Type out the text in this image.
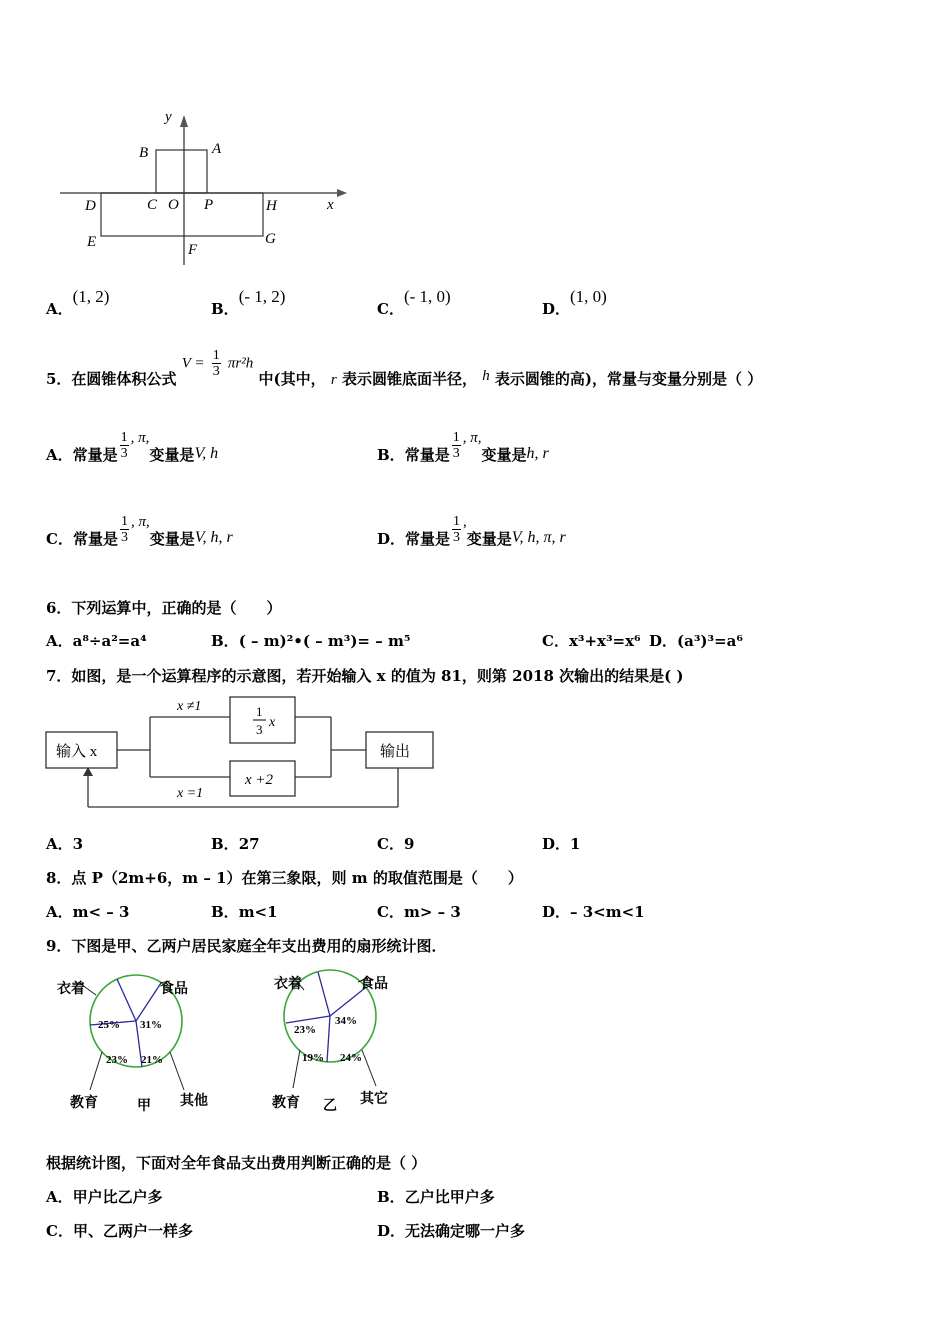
y
x
A
B
C O P
D	H
E	F
G
A．(1, 2)
B．(- 1, 2)
C．(- 1, 0)
D．(1, 0)
5．在圆锥体积公式 $V = \frac{1}{3} \pi r^2h$ 中(其中， r 表示圆锥底面半径， h 表示圆锥的高)，常量与变量分别是（ ）
A．常量是 $\frac{1}{3}$ , π,变量是V, h	B．常量是 $\frac{1}{3}$ , π,变量是h, r
C．常量是 $\frac{1}{3}$ , π,变量是V, h, r	D．常量是 $\frac{1}{3}$ ,变量是V, h, π, r
6．下列运算中，正确的是（　　）
A．a⁸÷a²=a⁴	B．( – m)²•( – m³)= – m⁵	C．x³+x³=x⁶ D．(a³)³=a⁶
7．如图，是一个运算程序的示意图，若开始输入 x 的值为 81，则第 2018 次输出的结果是( )
输入 x	输出
x ≠1
x =1
1
3 x
x +2
A．3	B．27	C．9	D．1
8．点 P（2m+6，m – 1）在第三象限，则 m 的取值范围是（　　）
A．m< – 3	B．m<1	C．m> – 3	D．– 3<m<1
9．下图是甲、乙两户居民家庭全年支出费用的扇形统计图．
25% 31%
23% 21%
衣着	食品
教育	其他
甲
23%
34%
19% 24%
衣着	食品
教育	其它
乙
根据统计图，下面对全年食品支出费用判断正确的是（ ）
A．甲户比乙户多	B．乙户比甲户多
C．甲、乙两户一样多	D．无法确定哪一户多
